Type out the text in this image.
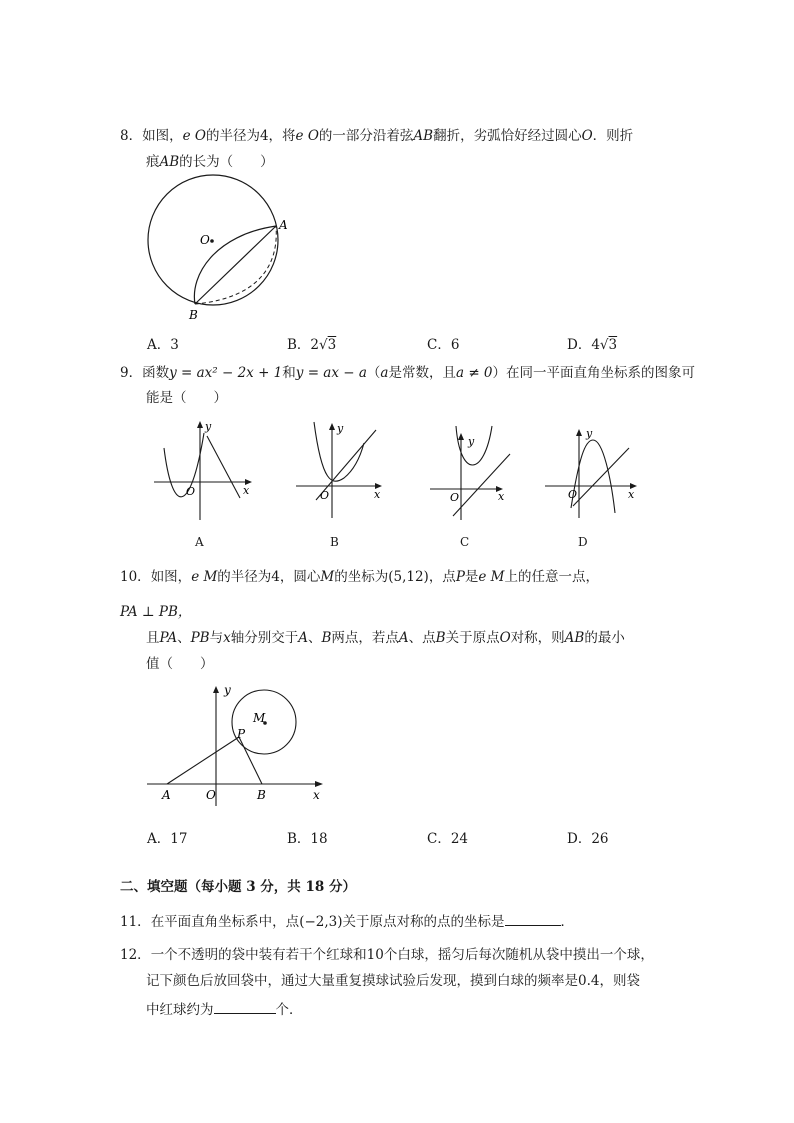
8．如图，e O的半径为4，将e O的一部分沿着弦AB翻折，劣弧恰好经过圆心O．则折
痕AB的长为（　　）
O
A
B
A．3	B．2√3	C．6	D．4√3
9．函数y = ax² − 2x + 1和y = ax − a（a是常数，且a ≠ 0）在同一平面直角坐标系的图象可
能是（　　）
y
x
O
A
y
x
O
B
y
x
O
C
y
x
O
D
10．如图，e M的半径为4，圆心M的坐标为(5,12)，点P是e M上的任意一点，
PA ⊥ PB，
且PA、PB与x轴分别交于A、B两点，若点A、点B关于原点O对称，则AB的最小
值（　　）
y
x
O
A	B
P
M
A．17	B．18	C．24	D．26
二、填空题（每小题 3 分，共 18 分）
11．在平面直角坐标系中，点(−2,3)关于原点对称的点的坐标是	．
12．一个不透明的袋中装有若干个红球和10个白球，摇匀后每次随机从袋中摸出一个球，
记下颜色后放回袋中，通过大量重复摸球试验后发现，摸到白球的频率是0.4，则袋
中红球约为	个．
